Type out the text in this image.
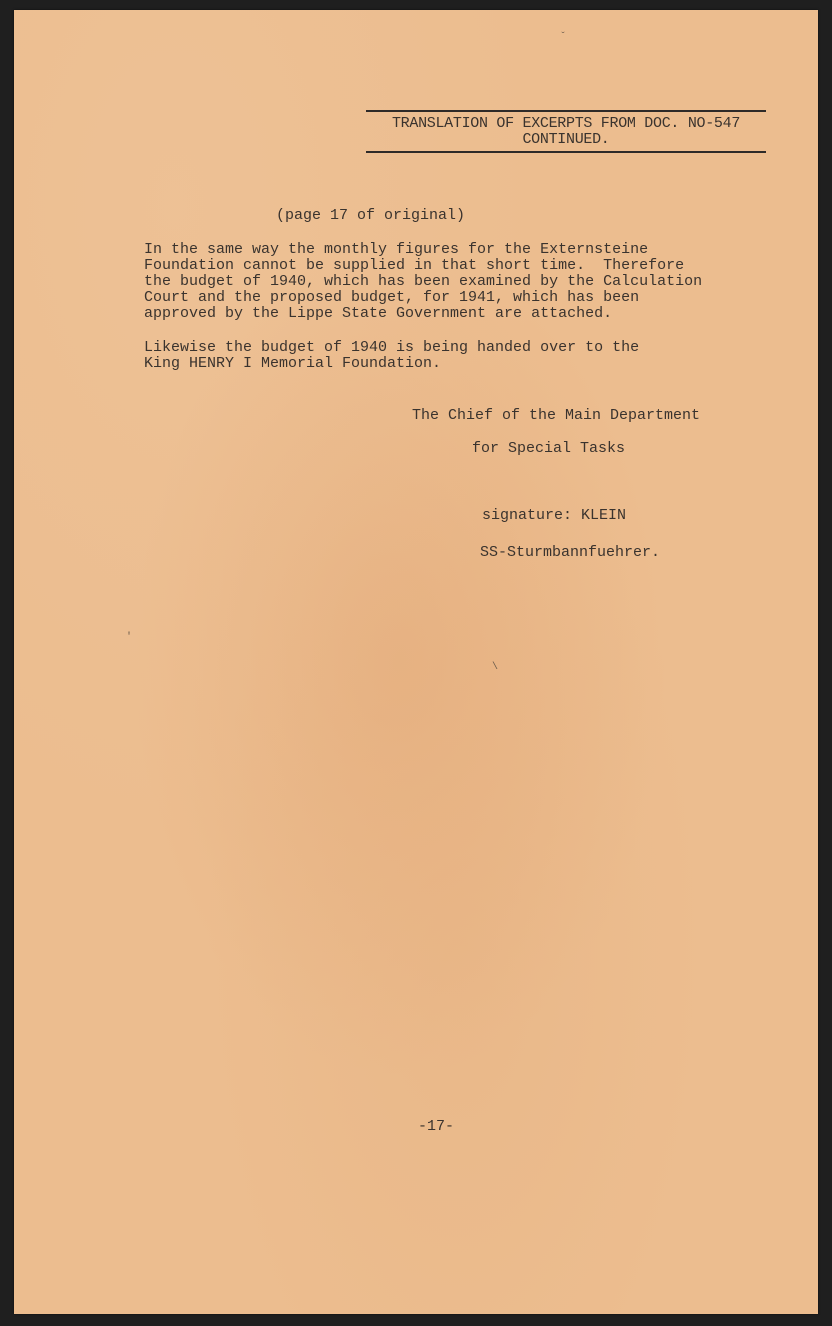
TRANSLATION OF EXCERPTS FROM DOC. NO-547
CONTINUED.
(page 17 of original)
In the same way the monthly figures for the Externsteine
Foundation cannot be supplied in that short time.  Therefore
the budget of 1940, which has been examined by the Calculation
Court and the proposed budget, for 1941, which has been
approved by the Lippe State Government are attached.
Likewise the budget of 1940 is being handed over to the
King HENRY I Memorial Foundation.
The Chief of the Main Department
for Special Tasks
signature: KLEIN
SS-Sturmbannfuehrer.
-17-
ˇ
'
\
